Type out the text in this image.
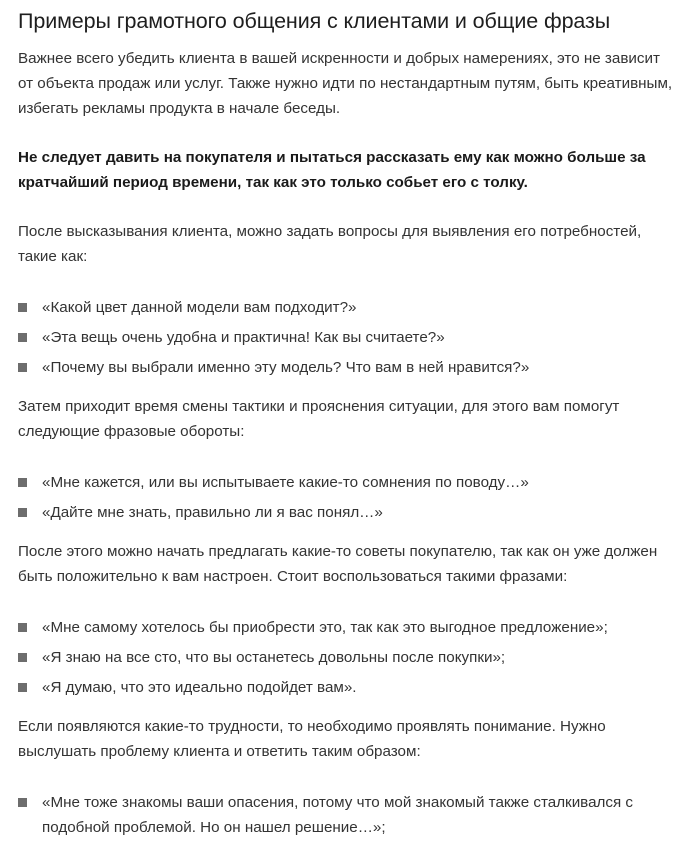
Примеры грамотного общения с клиентами и общие фразы

Важнее всего убедить клиента в вашей искренности и добрых намерениях, это не зависит от объекта продаж или услуг. Также нужно идти по нестандартным путям, быть креативным, избегать рекламы продукта в начале беседы.

Не следует давить на покупателя и пытаться рассказать ему как можно больше за кратчайший период времени, так как это только собьет его с толку.

После высказывания клиента, можно задать вопросы для выявления его потребностей, такие как:

«Какой цвет данной модели вам подходит?»
«Эта вещь очень удобна и практична! Как вы считаете?»
«Почему вы выбрали именно эту модель? Что вам в ней нравится?»

Затем приходит время смены тактики и прояснения ситуации, для этого вам помогут следующие фразовые обороты:

«Мне кажется, или вы испытываете какие-то сомнения по поводу…»
«Дайте мне знать, правильно ли я вас понял…»

После этого можно начать предлагать какие-то советы покупателю, так как он уже должен быть положительно к вам настроен. Стоит воспользоваться такими фразами:

«Мне самому хотелось бы приобрести это, так как это выгодное предложение»;
«Я знаю на все сто, что вы останетесь довольны после покупки»;
«Я думаю, что это идеально подойдет вам».

Если появляются какие-то трудности, то необходимо проявлять понимание. Нужно выслушать проблему клиента и ответить таким образом:

«Мне тоже знакомы ваши опасения, потому что мой знакомый также сталкивался с подобной проблемой. Но он нашел решение…»;
